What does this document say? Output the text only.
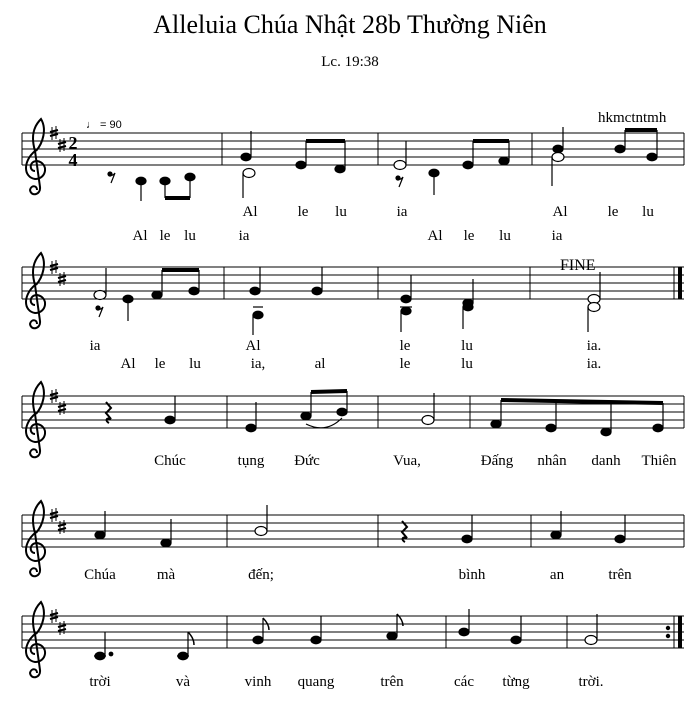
Alleluia Chúa Nhật 28b Thường Niên
Lc. 19:38
hkmctntmh
♩ = 90
FINE
2
4
Al	le lu	ia	Al	le lu
Al le lu	ia	Al le lu	ia
ia	Al	le	lu	ia.
Al le lu	ia,	al	le	lu	ia.
Chúc	tụng Đức	Vua,	Đấng nhân danh Thiên
Chúa	mà	đến;	bình	an	trên
trời	và	vinh quang	trên	các từng	trời.
